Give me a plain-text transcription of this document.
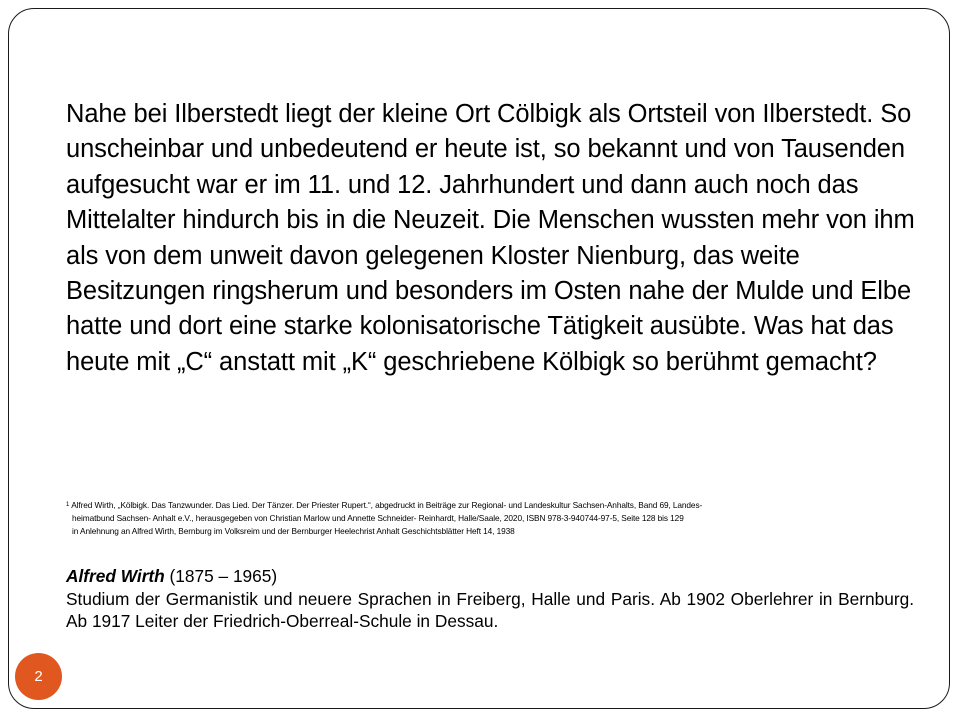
Nahe bei Ilberstedt liegt der kleine Ort Cölbigk als Ortsteil von Ilberstedt. So unscheinbar und unbedeutend er heute ist, so bekannt und von Tausenden aufgesucht war er im 11. und 12. Jahrhundert und dann auch noch das Mittelalter hindurch bis in die Neuzeit. Die Menschen wussten mehr von ihm als von dem unweit davon gelegenen Kloster Nienburg, das weite Besitzungen ringsherum und besonders im Osten nahe der Mulde und Elbe hatte und dort eine starke kolonisatorische Tätigkeit ausübte. Was hat das heute mit „C“ anstatt mit „K“ geschriebene Kölbigk so berühmt gemacht?

$^1$ Alfred Wirth, „Kölbigk. Das Tanzwunder. Das Lied. Der Tänzer. Der Priester Rupert.“, abgedruckt in Beiträge zur Regional- und Landeskultur Sachsen-Anhalts, Band 69, Landes-
heimatbund Sachsen- Anhalt e.V., herausgegeben von Christian Marlow und Annette Schneider- Reinhardt, Halle/Saale, 2020, ISBN 978-3-940744-97-5, Seite 128 bis 129
in Anlehnung an Alfred Wirth, Bernburg im Volksreim und der Bernburger Heelechrist Anhalt Geschichtsblätter Heft 14, 1938
Alfred Wirth (1875 – 1965)

Studium der Germanistik und neuere Sprachen in Freiberg, Halle und Paris. Ab 1902 Oberlehrer in Bernburg. Ab 1917 Leiter der Friedrich-Oberreal-Schule in Dessau.

2
